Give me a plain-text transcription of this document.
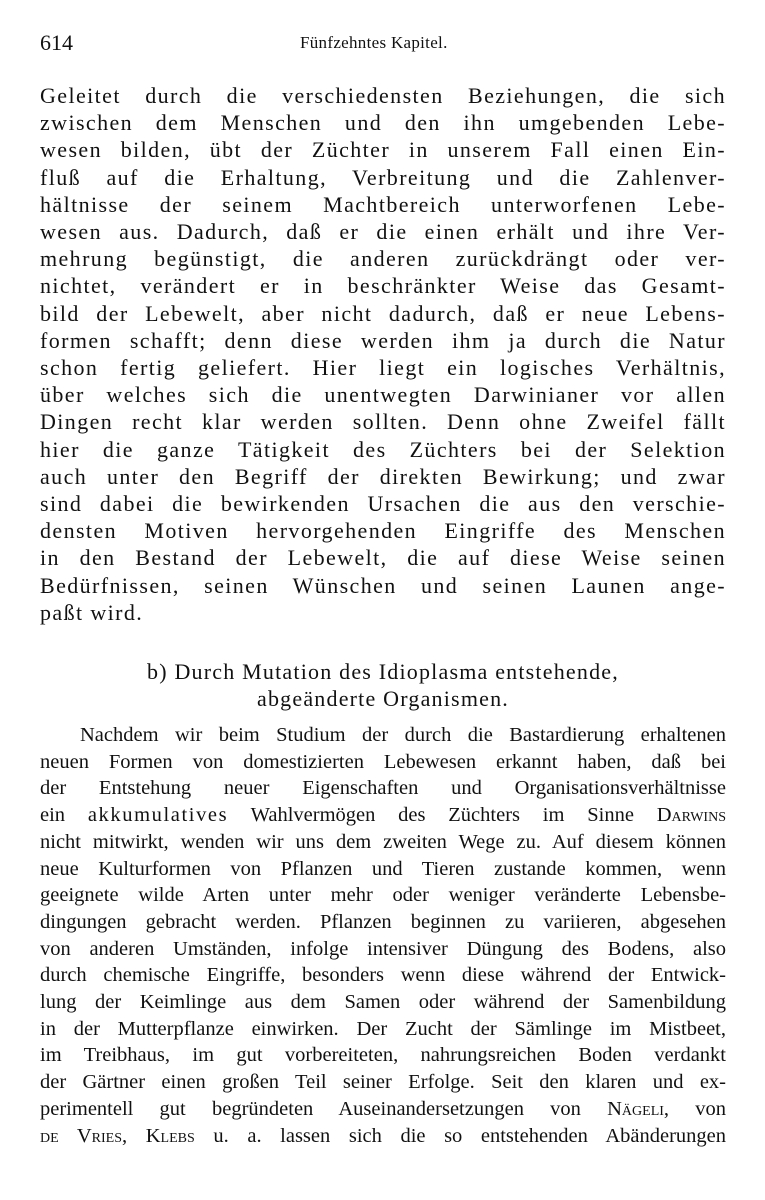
614	Fünfzehntes Kapitel.
Geleitet durch die verschiedensten Beziehungen, die sich
zwischen dem Menschen und den ihn umgebenden Lebe-
wesen bilden, übt der Züchter in unserem Fall einen Ein-
fluß auf die Erhaltung, Verbreitung und die Zahlenver-
hältnisse der seinem Machtbereich unterworfenen Lebe-
wesen aus. Dadurch, daß er die einen erhält und ihre Ver-
mehrung begünstigt, die anderen zurückdrängt oder ver-
nichtet, verändert er in beschränkter Weise das Gesamt-
bild der Lebewelt, aber nicht dadurch, daß er neue Lebens-
formen schafft; denn diese werden ihm ja durch die Natur
schon fertig geliefert. Hier liegt ein logisches Verhältnis,
über welches sich die unentwegten Darwinianer vor allen
Dingen recht klar werden sollten. Denn ohne Zweifel fällt
hier die ganze Tätigkeit des Züchters bei der Selektion
auch unter den Begriff der direkten Bewirkung; und zwar
sind dabei die bewirkenden Ursachen die aus den verschie-
densten Motiven hervorgehenden Eingriffe des Menschen
in den Bestand der Lebewelt, die auf diese Weise seinen
Bedürfnissen, seinen Wünschen und seinen Launen ange-
paßt wird.
b) Durch Mutation des Idioplasma entstehende,
abgeänderte Organismen.
Nachdem wir beim Studium der durch die Bastardierung erhaltenen
neuen Formen von domestizierten Lebewesen erkannt haben, daß bei
der Entstehung neuer Eigenschaften und Organisationsverhältnisse
ein akkumulatives Wahlvermögen des Züchters im Sinne Darwins
nicht mitwirkt, wenden wir uns dem zweiten Wege zu. Auf diesem können
neue Kulturformen von Pflanzen und Tieren zustande kommen, wenn
geeignete wilde Arten unter mehr oder weniger veränderte Lebensbe-
dingungen gebracht werden. Pflanzen beginnen zu variieren, abgesehen
von anderen Umständen, infolge intensiver Düngung des Bodens, also
durch chemische Eingriffe, besonders wenn diese während der Entwick-
lung der Keimlinge aus dem Samen oder während der Samenbildung
in der Mutterpflanze einwirken. Der Zucht der Sämlinge im Mistbeet,
im Treibhaus, im gut vorbereiteten, nahrungsreichen Boden verdankt
der Gärtner einen großen Teil seiner Erfolge. Seit den klaren und ex-
perimentell gut begründeten Auseinandersetzungen von Nägeli, von
de Vries, Klebs u. a. lassen sich die so entstehenden Abänderungen
